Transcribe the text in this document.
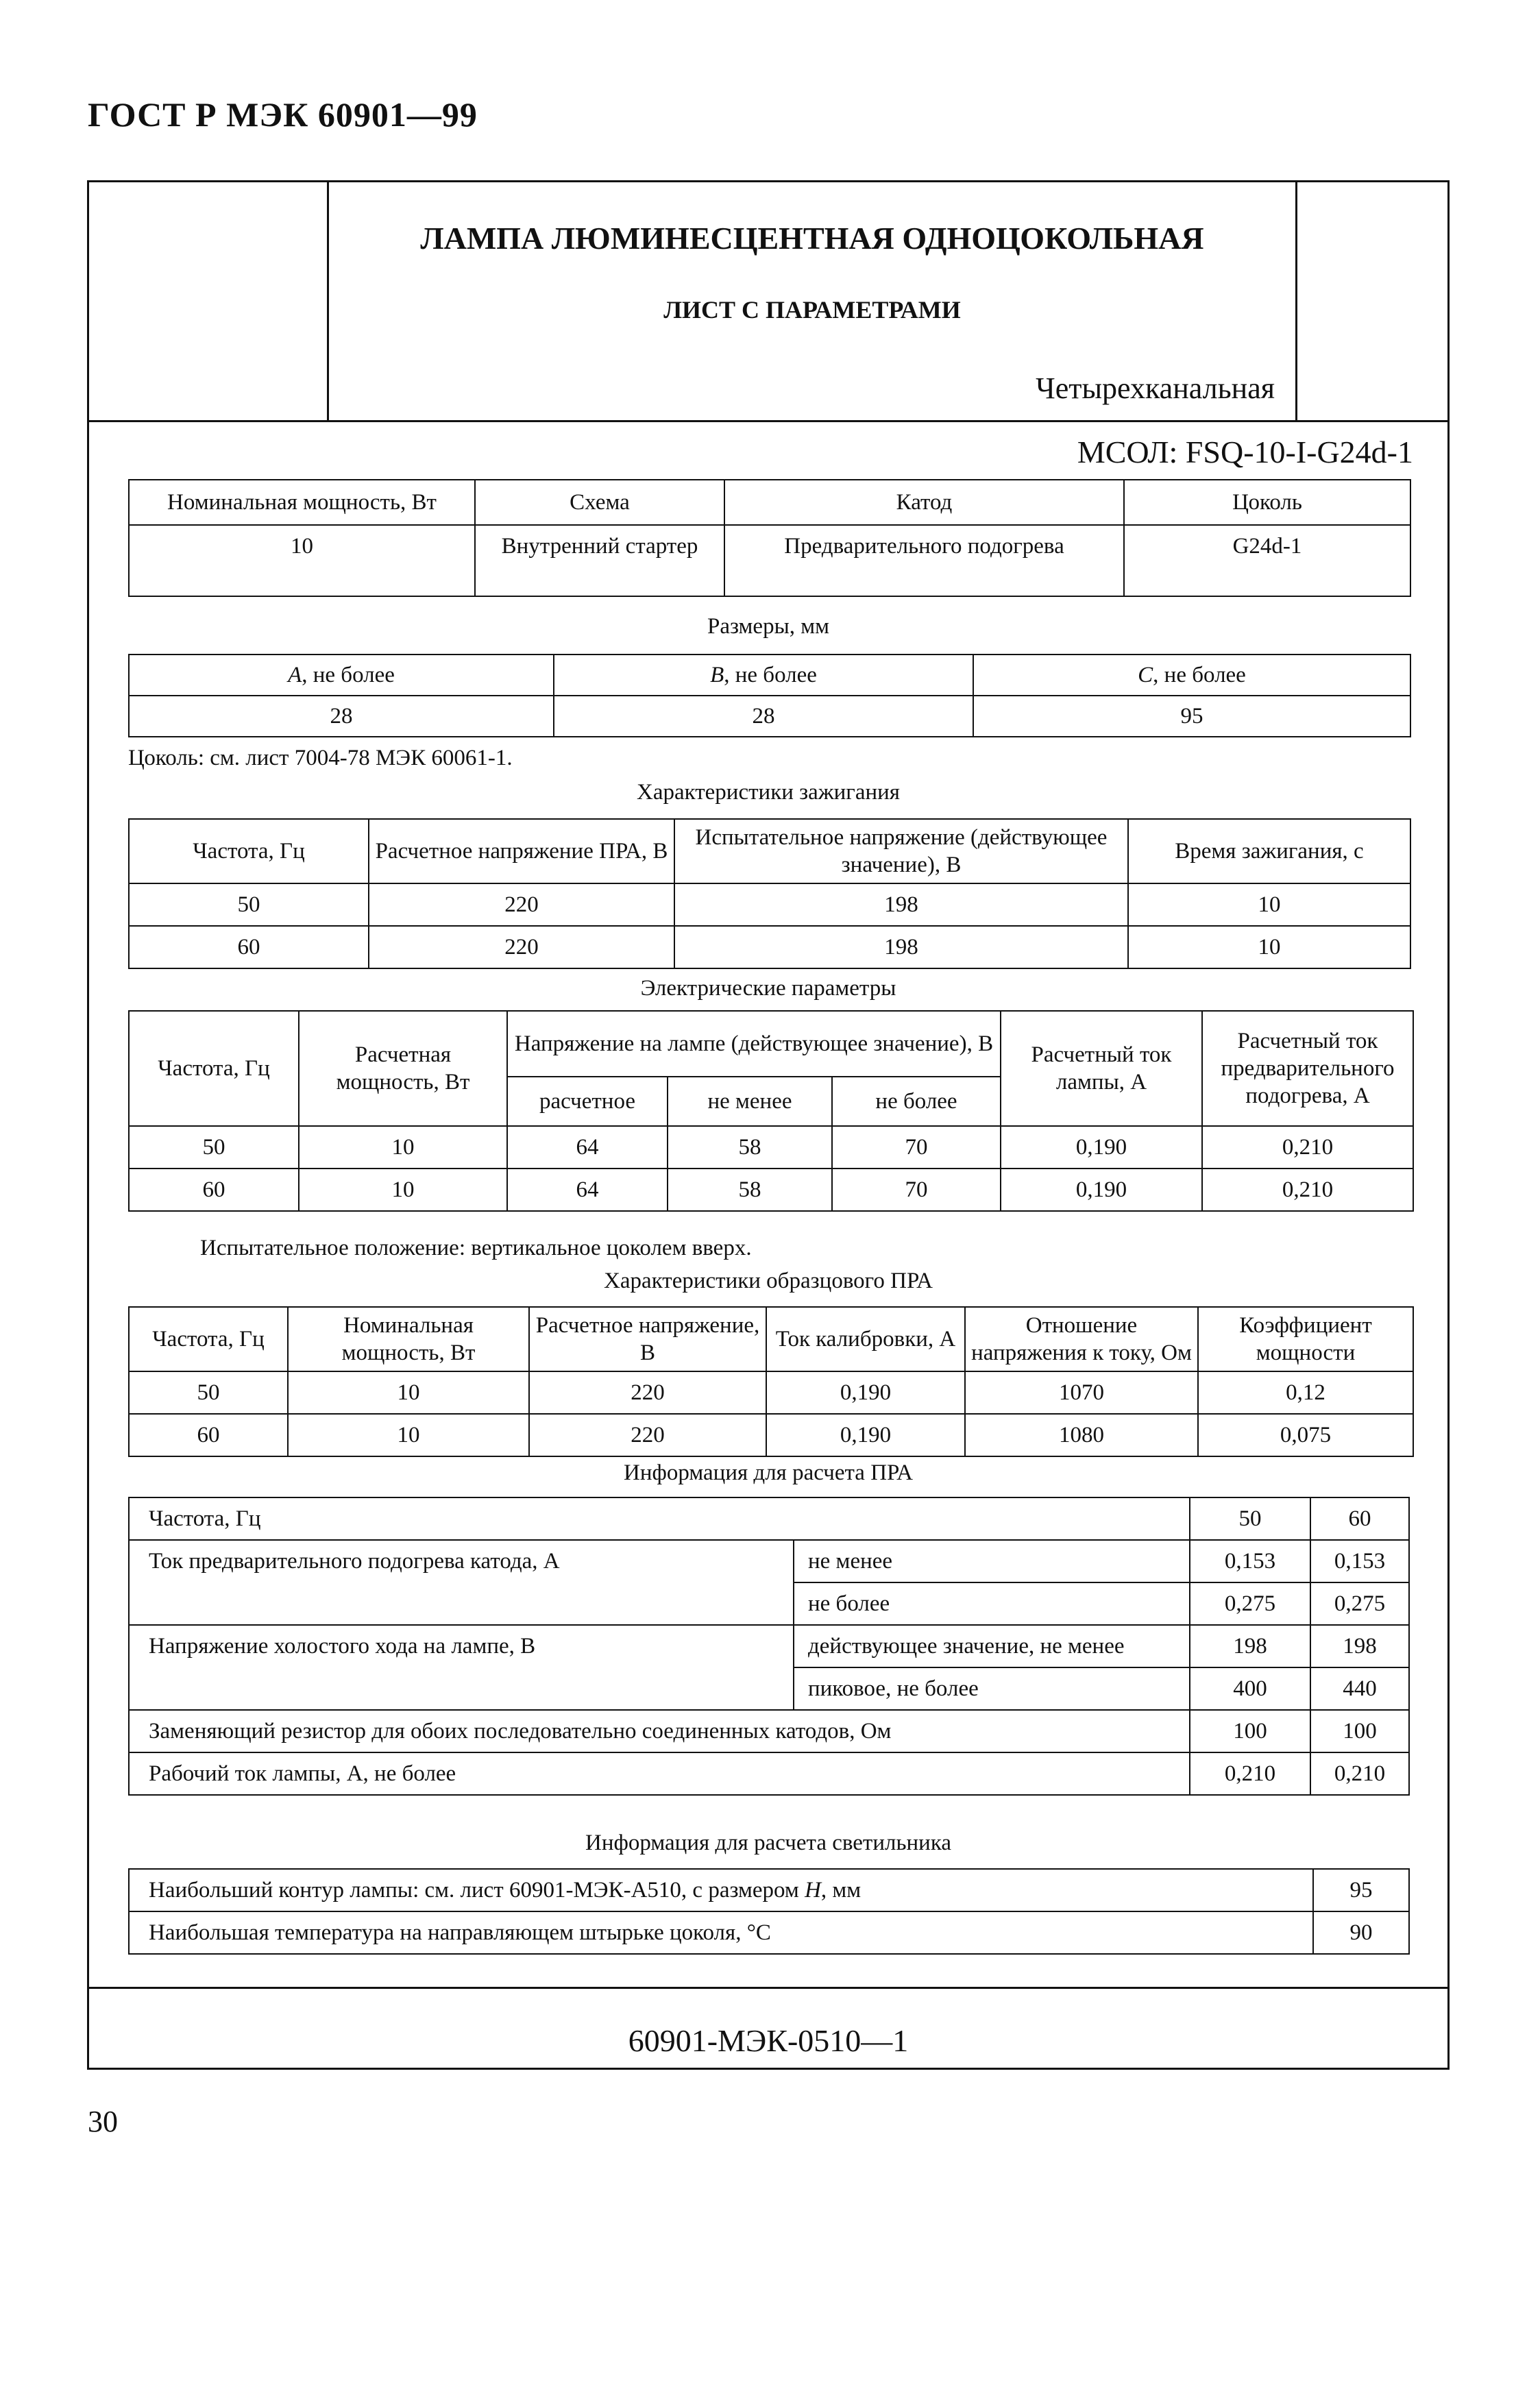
ГОСТ Р МЭК 60901—99
ЛАМПА ЛЮМИНЕСЦЕНТНАЯ ОДНОЦОКОЛЬНАЯ
ЛИСТ С ПАРАМЕТРАМИ
Четырехканальная
МСОЛ: FSQ-10-I-G24d-1
Номинальная мощность, Вт	Схема	Катод	Цоколь
10	Внутренний стартер	Предварительного подогрева	G24d-1
Размеры, мм
A, не более	B, не более	C, не более
28	28	95
Цоколь: см. лист 7004-78 МЭК 60061-1.
Характеристики зажигания
Частота, Гц	Расчетное напряжение ПРА, В	Испытательное напряжение (действующее значение), В	Время зажигания, с
50	220	198	10
60	220	198	10
Электрические параметры
Частота, Гц	Расчетная мощность, Вт	Напряжение на лампе (действующее значение), В			Расчетный ток лампы, А	Расчетный ток предварительного подогрева, А
		расчетное	не менее	не более		
50	10	64	58	70	0,190	0,210
60	10	64	58	70	0,190	0,210
Испытательное положение: вертикальное цоколем вверх.
Характеристики образцового ПРА
Частота, Гц	Номинальная мощность, Вт	Расчетное напряжение, В	Ток калибровки, А	Отношение напряжения к току, Ом	Коэффициент мощности
50	10	220	0,190	1070	0,12
60	10	220	0,190	1080	0,075
Информация для расчета ПРА
Частота, Гц		50	60
Ток предварительного подогрева катода, А	не менее	0,153	0,153
	не более	0,275	0,275
Напряжение холостого хода на лампе, В	действующее значение, не менее	198	198
	пиковое, не более	400	440
Заменяющий резистор для обоих последовательно соединенных катодов, Ом		100	100
Рабочий ток лампы, А, не более		0,210	0,210
Информация для расчета светильника
Наибольший контур лампы: см. лист 60901-МЭК-А510, с размером H, мм	95
Наибольшая температура на направляющем штырьке цоколя, °С	90
60901-МЭК-0510—1
30
